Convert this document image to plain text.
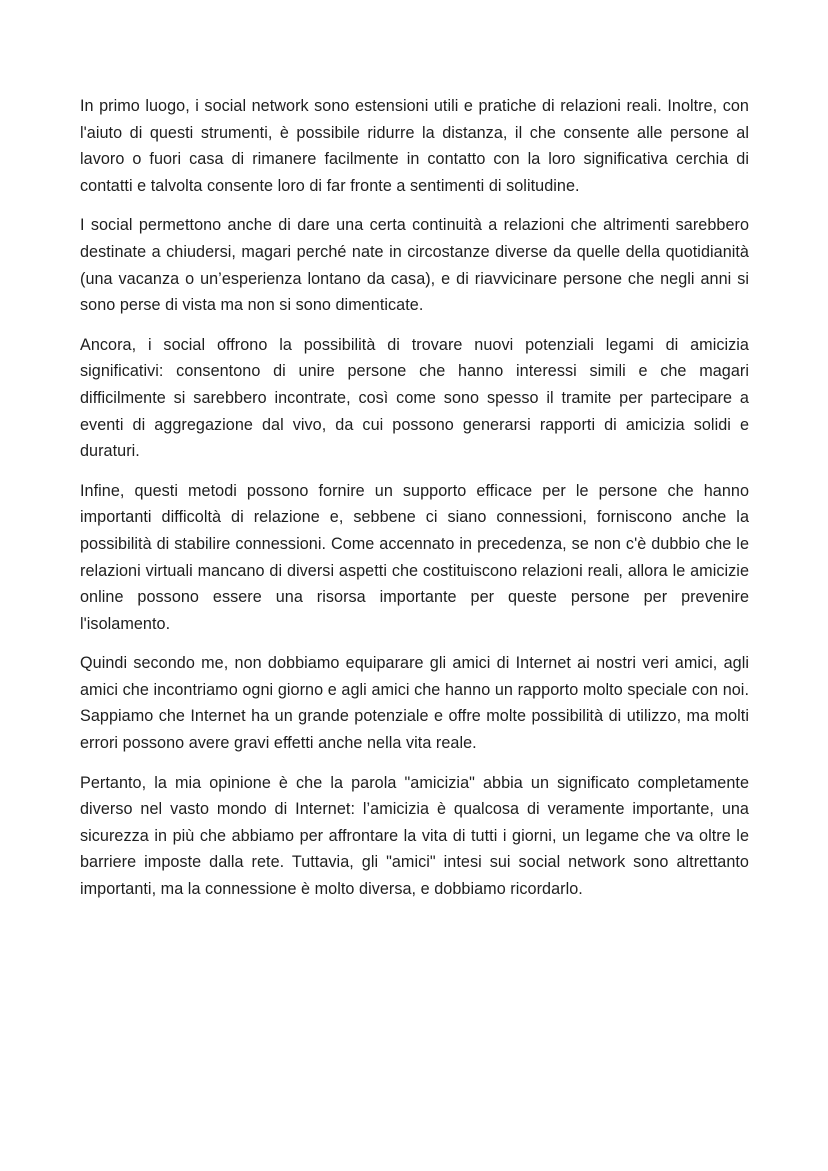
In primo luogo, i social network sono estensioni utili e pratiche di relazioni reali. Inoltre, con l'aiuto di questi strumenti, è possibile ridurre la distanza, il che consente alle persone al lavoro o fuori casa di rimanere facilmente in contatto con la loro significativa cerchia di contatti e talvolta consente loro di far fronte a sentimenti di solitudine.

I social permettono anche di dare una certa continuità a relazioni che altrimenti sarebbero destinate a chiudersi, magari perché nate in circostanze diverse da quelle della quotidianità (una vacanza o un’esperienza lontano da casa), e di riavvicinare persone che negli anni si sono perse di vista ma non si sono dimenticate.

Ancora, i social offrono la possibilità di trovare nuovi potenziali legami di amicizia significativi: consentono di unire persone che hanno interessi simili e che magari difficilmente si sarebbero incontrate, così come sono spesso il tramite per partecipare a eventi di aggregazione dal vivo, da cui possono generarsi rapporti di amicizia solidi e duraturi.

Infine, questi metodi possono fornire un supporto efficace per le persone che hanno importanti difficoltà di relazione e, sebbene ci siano connessioni, forniscono anche la possibilità di stabilire connessioni. Come accennato in precedenza, se non c'è dubbio che le relazioni virtuali mancano di diversi aspetti che costituiscono relazioni reali, allora le amicizie online possono essere una risorsa importante per queste persone per prevenire l'isolamento.

Quindi secondo me, non dobbiamo equiparare gli amici di Internet ai nostri veri amici, agli amici che incontriamo ogni giorno e agli amici che hanno un rapporto molto speciale con noi. Sappiamo che Internet ha un grande potenziale e offre molte possibilità di utilizzo, ma molti errori possono avere gravi effetti anche nella vita reale.

Pertanto, la mia opinione è che la parola "amicizia" abbia un significato completamente diverso nel vasto mondo di Internet: l’amicizia è qualcosa di veramente importante, una sicurezza in più che abbiamo per affrontare la vita di tutti i giorni, un legame che va oltre le barriere imposte dalla rete. Tuttavia, gli "amici" intesi sui social network sono altrettanto importanti, ma la connessione è molto diversa, e dobbiamo ricordarlo.
